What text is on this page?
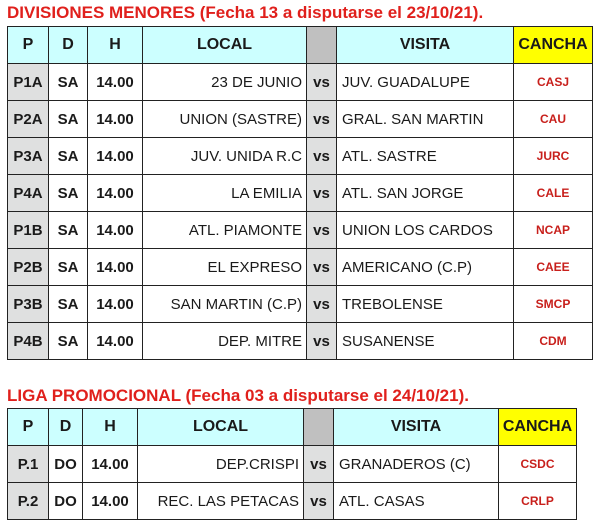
DIVISIONES MENORES (Fecha 13 a disputarse el 23/10/21).
P	D	H	LOCAL		VISITA	CANCHA
P1A	SA	14.00	23 DE JUNIO	vs	JUV. GUADALUPE	CASJ
P2A	SA	14.00	UNION (SASTRE)	vs	GRAL. SAN MARTIN	CAU
P3A	SA	14.00	JUV. UNIDA R.C	vs	ATL. SASTRE	JURC
P4A	SA	14.00	LA EMILIA	vs	ATL. SAN JORGE	CALE
P1B	SA	14.00	ATL. PIAMONTE	vs	UNION LOS CARDOS	NCAP
P2B	SA	14.00	EL EXPRESO	vs	AMERICANO (C.P)	CAEE
P3B	SA	14.00	SAN MARTIN (C.P)	vs	TREBOLENSE	SMCP
P4B	SA	14.00	DEP. MITRE	vs	SUSANENSE	CDM
LIGA PROMOCIONAL (Fecha 03 a disputarse el 24/10/21).
P	D	H	LOCAL		VISITA	CANCHA
P.1	DO	14.00	DEP.CRISPI	vs	GRANADEROS (C)	CSDC
P.2	DO	14.00	REC. LAS PETACAS	vs	ATL. CASAS	CRLP
